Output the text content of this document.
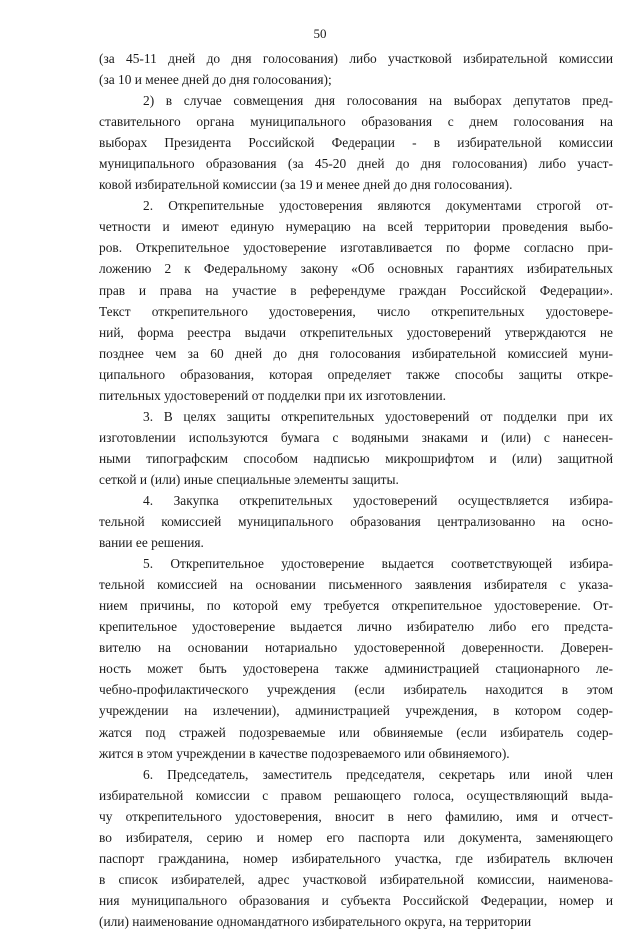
50
(за 45-11 дней до дня голосования) либо участковой избирательной комиссии
(за 10 и менее дней до дня голосования);
2) в случае совмещения дня голосования на выборах депутатов пред-
ставительного органа муниципального образования с днем голосования на
выборах Президента Российской Федерации - в избирательной комиссии
муниципального образования (за 45-20 дней до дня голосования) либо участ-
ковой избирательной комиссии (за 19 и менее дней до дня голосования).
2. Открепительные удостоверения являются документами строгой от-
четности и имеют единую нумерацию на всей территории проведения выбо-
ров. Открепительное удостоверение изготавливается по форме согласно при-
ложению 2 к Федеральному закону «Об основных гарантиях избирательных
прав и права на участие в референдуме граждан Российской Федерации».
Текст открепительного удостоверения, число открепительных удостовере-
ний, форма реестра выдачи открепительных удостоверений утверждаются не
позднее чем за 60 дней до дня голосования избирательной комиссией муни-
ципального образования, которая определяет также способы защиты откре-
пительных удостоверений от подделки при их изготовлении.
3. В целях защиты открепительных удостоверений от подделки при их
изготовлении используются бумага с водяными знаками и (или) с нанесен-
ными типографским способом надписью микрошрифтом и (или) защитной
сеткой и (или) иные специальные элементы защиты.
4. Закупка открепительных удостоверений осуществляется избира-
тельной комиссией муниципального образования централизованно на осно-
вании ее решения.
5. Открепительное удостоверение выдается соответствующей избира-
тельной комиссией на основании письменного заявления избирателя с указа-
нием причины, по которой ему требуется открепительное удостоверение. От-
крепительное удостоверение выдается лично избирателю либо его предста-
вителю на основании нотариально удостоверенной доверенности. Доверен-
ность может быть удостоверена также администрацией стационарного ле-
чебно-профилактического учреждения (если избиратель находится в этом
учреждении на излечении), администрацией учреждения, в котором содер-
жатся под стражей подозреваемые или обвиняемые (если избиратель содер-
жится в этом учреждении в качестве подозреваемого или обвиняемого).
6. Председатель, заместитель председателя, секретарь или иной член
избирательной комиссии с правом решающего голоса, осуществляющий выда-
чу открепительного удостоверения, вносит в него фамилию, имя и отчест-
во избирателя, серию и номер его паспорта или документа, заменяющего
паспорт гражданина, номер избирательного участка, где избиратель включен
в список избирателей, адрес участковой избирательной комиссии, наименова-
ния муниципального образования и субъекта Российской Федерации, номер и
(или) наименование одномандатного избирательного округа, на территории
